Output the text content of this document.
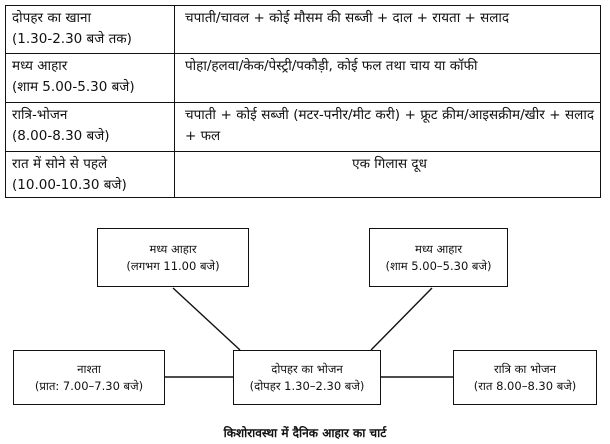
दोपहर का खाना
(1.30-2.30 बजे तक)	चपाती/चावल + कोई मौसम की सब्जी + दाल + रायता + सलाद

मध्य आहार
(शाम 5.00-5.30 बजे)	पोहा/हलवा/केक/पेस्ट्री/पकौड़ी, कोई फल तथा चाय या कॉफी

रात्रि-भोजन
(8.00-8.30 बजे)	चपाती + कोई सब्जी (मटर-पनीर/मीट करी) + फ्रूट क्रीम/आइसक्रीम/खीर + सलाद + फल

रात में सोने से पहले
(10.00-10.30 बजे)	एक गिलास दूध
मध्य आहार
(लगभग 11.00 बजे)
मध्य आहार
(शाम 5.00–5.30 बजे)
नाश्ता
(प्रात: 7.00–7.30 बजे)
दोपहर का भोजन
(दोपहर 1.30–2.30 बजे)
रात्रि का भोजन
(रात 8.00–8.30 बजे)
किशोरावस्था में दैनिक आहार का चार्ट
